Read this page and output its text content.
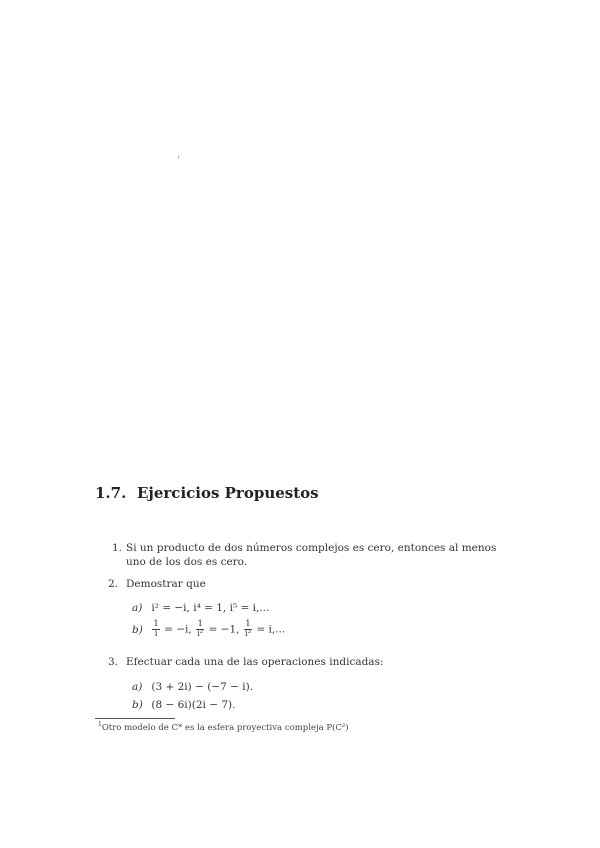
1.7. Ejercicios Propuestos
1. Si un producto de dos números complejos es cero, entonces al menos
uno de los dos es cero.
2. Demostrar que
a) i² = −i, i⁴ = 1, i⁵ = i,...
$b) \frac{1}{i} = -i$, $\frac{1}{\text{i²}} = -1$, $\frac{1}{\text{i³}} = i$,...
3. Efectuar cada una de las operaciones indicadas:
a) (3 + 2i) − (−7 − i).
b) (8 − 6i)(2i − 7).
$^1$Otro modelo de C* es la esfera proyectiva compleja P(C²)
